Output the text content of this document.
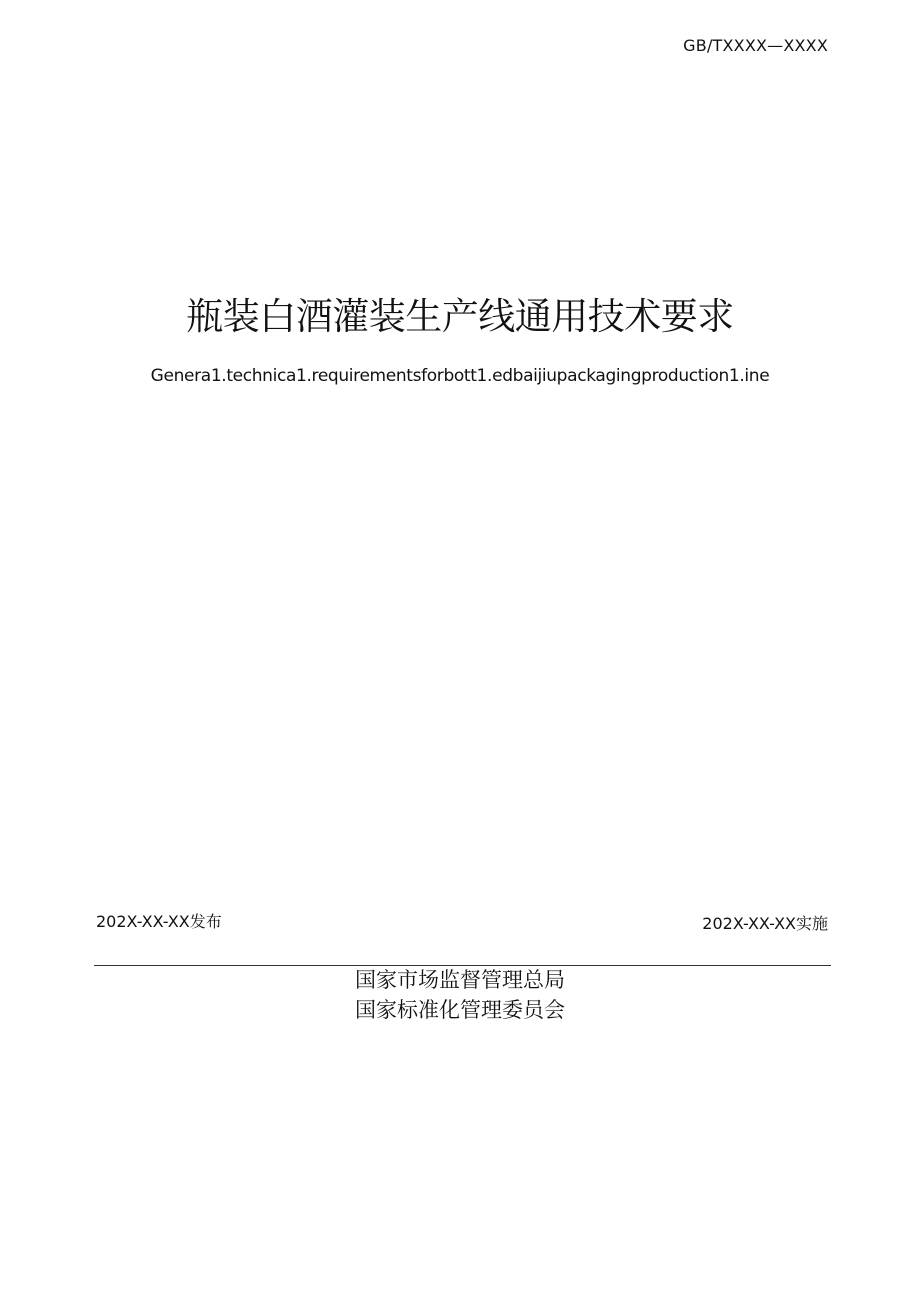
GB/TXXXX—XXXX
瓶装白酒灌装生产线通用技术要求
Genera1.technica1.requirementsforbott1.edbaijiupackagingproduction1.ine
202X-XX-XX发布	202X-XX-XX实施
国家市场监督管理总局
国家标准化管理委员会
